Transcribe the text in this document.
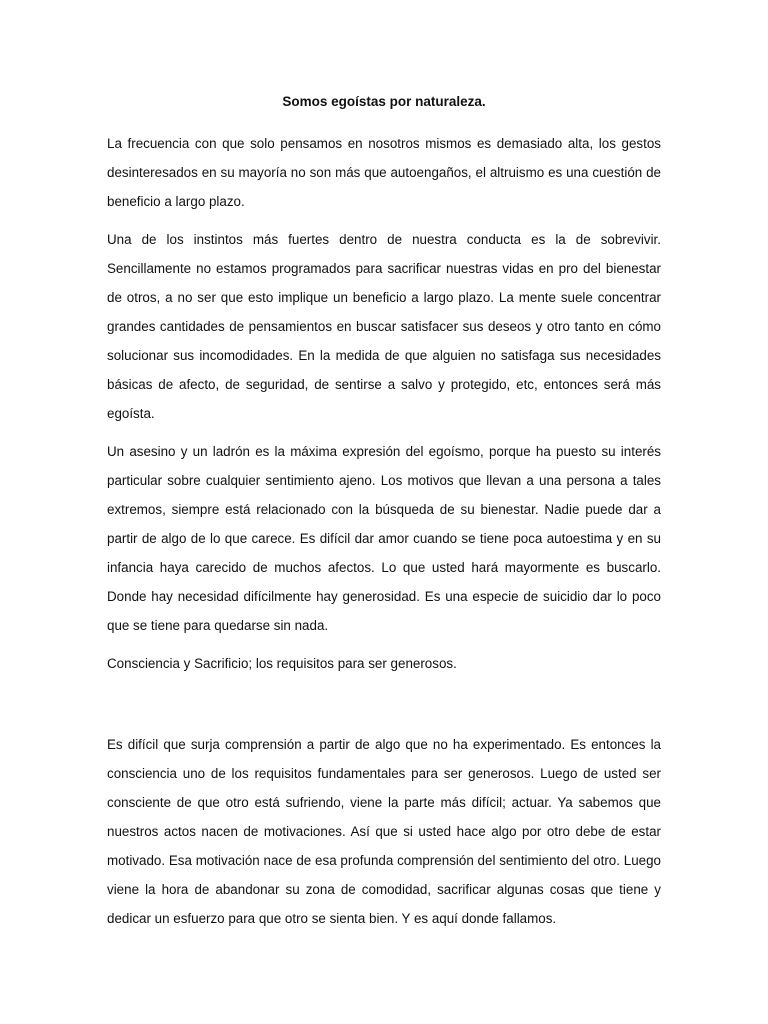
Somos egoístas por naturaleza.

La frecuencia con que solo pensamos en nosotros mismos es demasiado alta, los gestos desinteresados en su mayoría no son más que autoengaños, el altruismo es una cuestión de beneficio a largo plazo.

Una de los instintos más fuertes dentro de nuestra conducta es la de sobrevivir. Sencillamente no estamos programados para sacrificar nuestras vidas en pro del bienestar de otros, a no ser que esto implique un beneficio a largo plazo. La mente suele concentrar grandes cantidades de pensamientos en buscar satisfacer sus deseos y otro tanto en cómo solucionar sus incomodidades. En la medida de que alguien no satisfaga sus necesidades básicas de afecto, de seguridad, de sentirse a salvo y protegido, etc, entonces será más egoísta.

Un asesino y un ladrón es la máxima expresión del egoísmo, porque ha puesto su interés particular sobre cualquier sentimiento ajeno. Los motivos que llevan a una persona a tales extremos, siempre está relacionado con la búsqueda de su bienestar. Nadie puede dar a partir de algo de lo que carece. Es difícil dar amor cuando se tiene poca autoestima y en su infancia haya carecido de muchos afectos. Lo que usted hará mayormente es buscarlo. Donde hay necesidad difícilmente hay generosidad. Es una especie de suicidio dar lo poco que se tiene para quedarse sin nada.

Consciencia y Sacrificio; los requisitos para ser generosos.

Es difícil que surja comprensión a partir de algo que no ha experimentado. Es entonces la consciencia uno de los requisitos fundamentales para ser generosos. Luego de usted ser consciente de que otro está sufriendo, viene la parte más difícil; actuar. Ya sabemos que nuestros actos nacen de motivaciones. Así que si usted hace algo por otro debe de estar motivado. Esa motivación nace de esa profunda comprensión del sentimiento del otro. Luego viene la hora de abandonar su zona de comodidad, sacrificar algunas cosas que tiene y dedicar un esfuerzo para que otro se sienta bien. Y es aquí donde fallamos.
